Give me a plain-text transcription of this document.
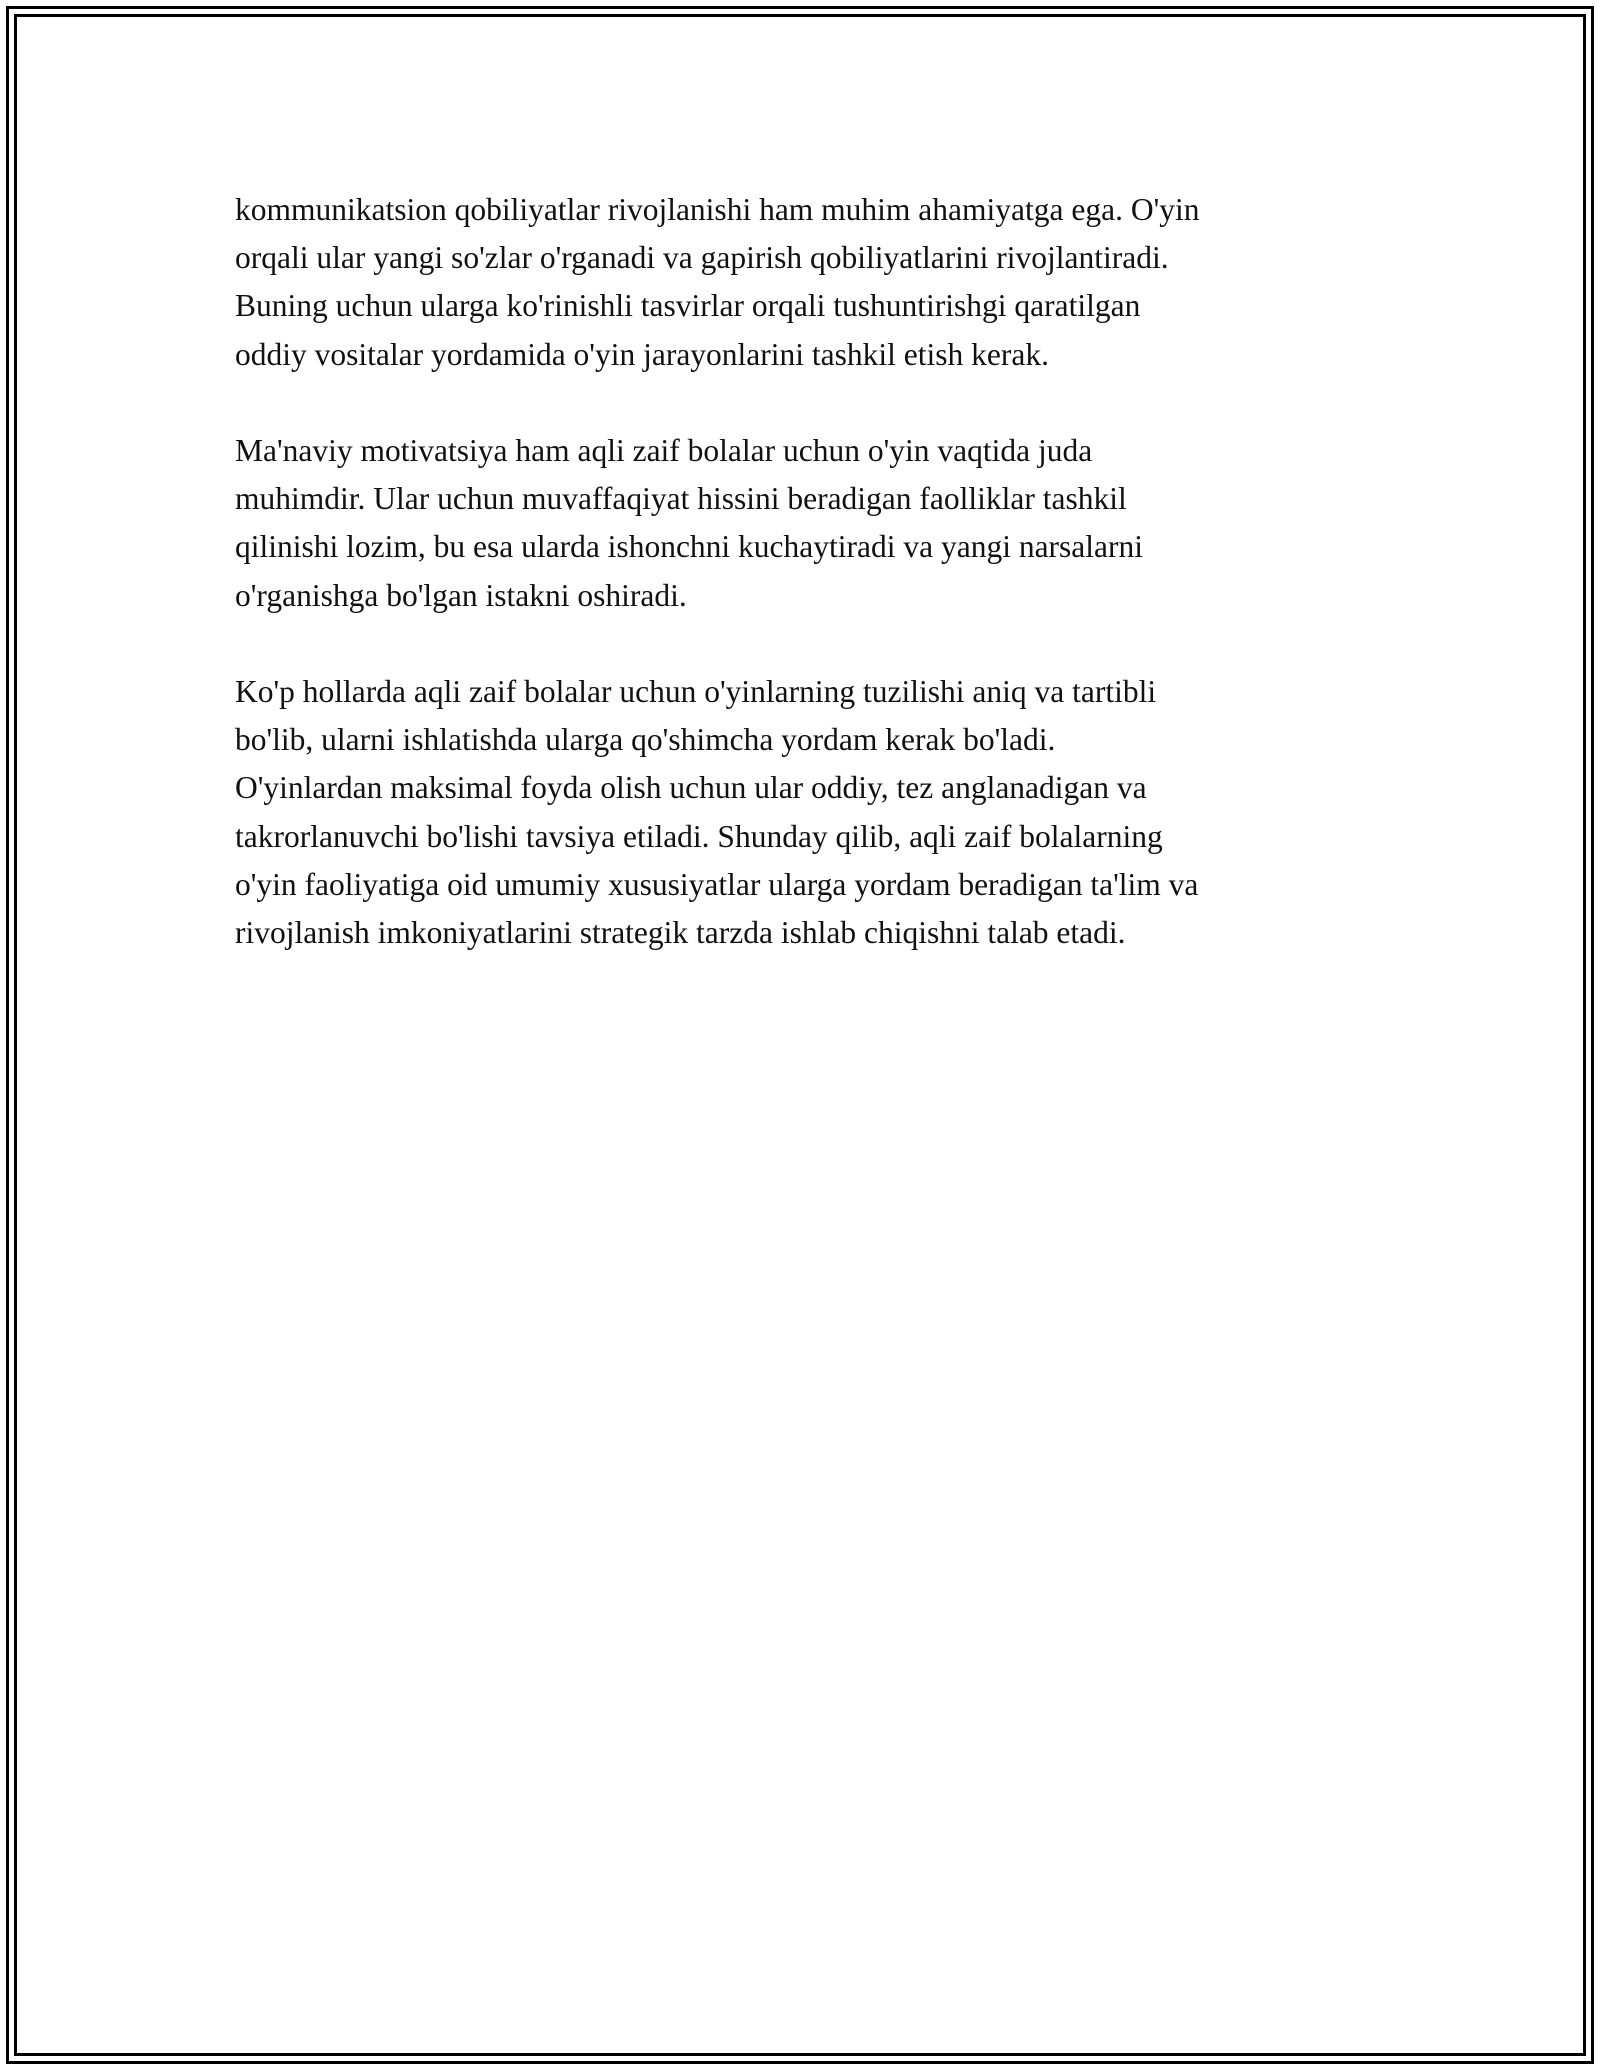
kommunikatsion qobiliyatlar rivojlanishi ham muhim ahamiyatga ega. O'yin
orqali ular yangi so'zlar o'rganadi va gapirish qobiliyatlarini rivojlantiradi.
Buning uchun ularga ko'rinishli tasvirlar orqali tushuntirishgi qaratilgan
oddiy vositalar yordamida o'yin jarayonlarini tashkil etish kerak.

Ma'naviy motivatsiya ham aqli zaif bolalar uchun o'yin vaqtida juda
muhimdir. Ular uchun muvaffaqiyat hissini beradigan faolliklar tashkil
qilinishi lozim, bu esa ularda ishonchni kuchaytiradi va yangi narsalarni
o'rganishga bo'lgan istakni oshiradi.

Ko'p hollarda aqli zaif bolalar uchun o'yinlarning tuzilishi aniq va tartibli
bo'lib, ularni ishlatishda ularga qo'shimcha yordam kerak bo'ladi.
O'yinlardan maksimal foyda olish uchun ular oddiy, tez anglanadigan va
takrorlanuvchi bo'lishi tavsiya etiladi. Shunday qilib, aqli zaif bolalarning
o'yin faoliyatiga oid umumiy xususiyatlar ularga yordam beradigan ta'lim va
rivojlanish imkoniyatlarini strategik tarzda ishlab chiqishni talab etadi.
